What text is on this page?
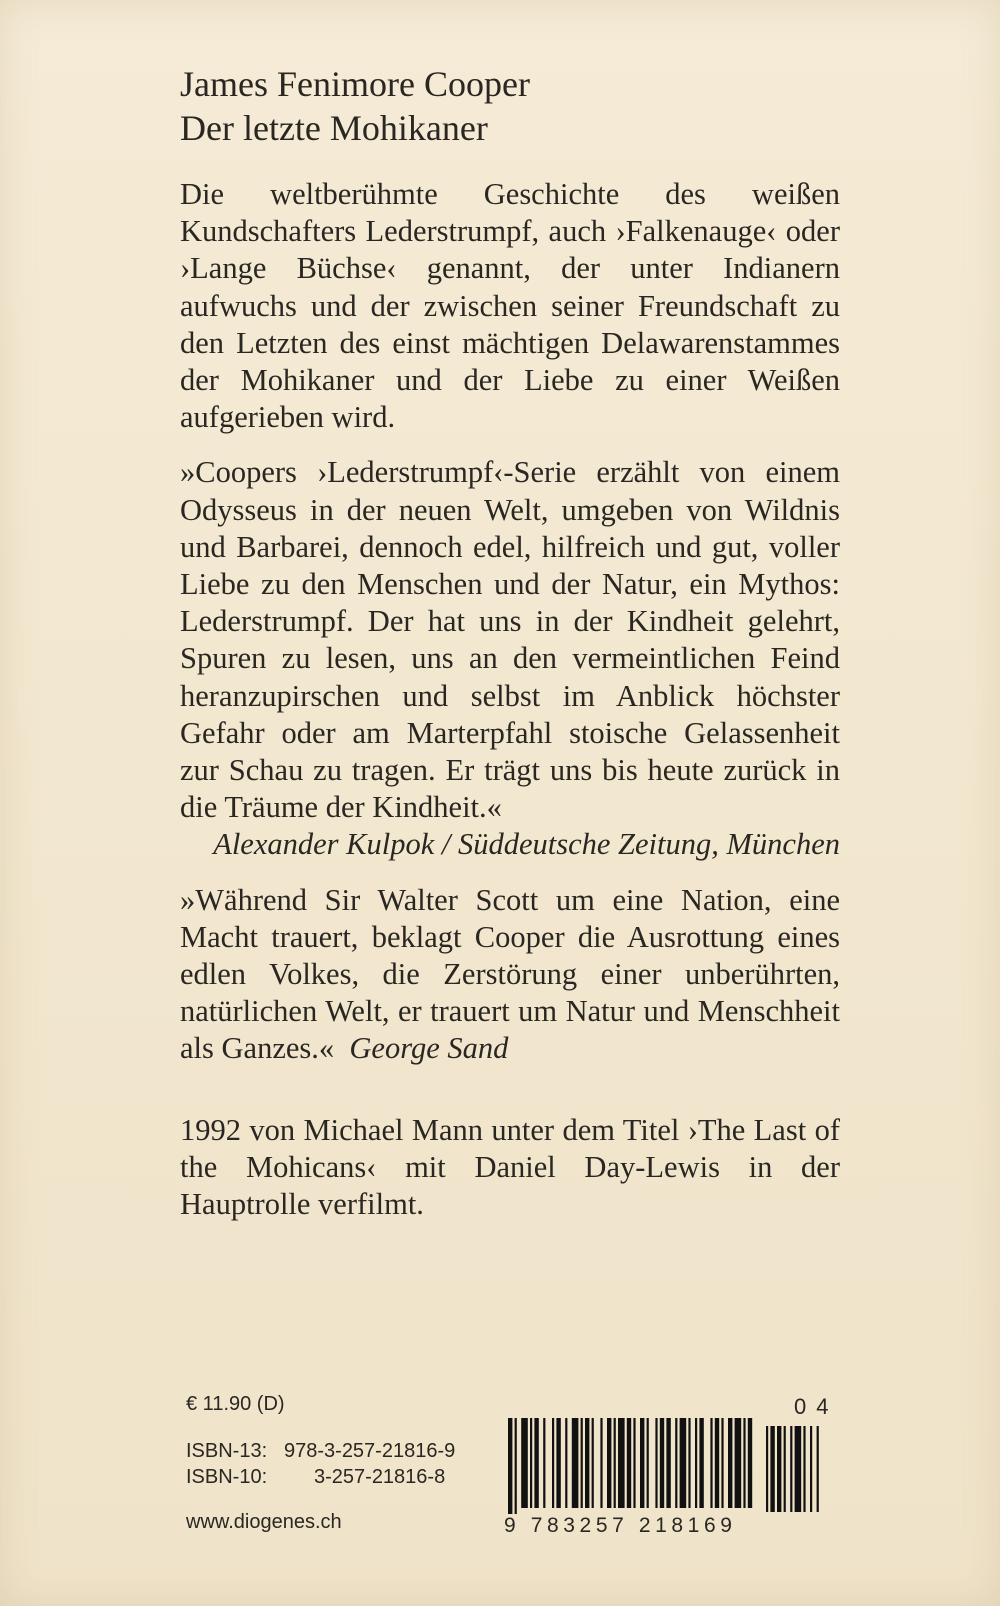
James Fenimore Cooper
Der letzte Mohikaner

Die weltberühmte Geschichte des weißen Kundschafters Lederstrumpf, auch ›Falkenauge‹ oder ›Lange Büchse‹ genannt, der unter Indianern aufwuchs und der zwischen seiner Freundschaft zu den Letzten des einst mächtigen Delawarenstammes der Mohikaner und der Liebe zu einer Weißen aufgerieben wird.

»Coopers ›Lederstrumpf‹-Serie erzählt von einem Odysseus in der neuen Welt, umgeben von Wildnis und Barbarei, dennoch edel, hilfreich und gut, voller Liebe zu den Menschen und der Natur, ein Mythos: Lederstrumpf. Der hat uns in der Kindheit gelehrt, Spuren zu lesen, uns an den vermeintlichen Feind heranzupirschen und selbst im Anblick höchster Gefahr oder am Marterpfahl stoische Gelassenheit zur Schau zu tragen. Er trägt uns bis heute zurück in die Träume der Kindheit.«

Alexander Kulpok / Süddeutsche Zeitung, München

»Während Sir Walter Scott um eine Nation, eine Macht trauert, beklagt Cooper die Ausrottung eines edlen Volkes, die Zerstörung einer unberührten, natürlichen Welt, er trauert um Natur und Menschheit als Ganzes.« George Sand

1992 von Michael Mann unter dem Titel ›The Last of the Mohicans‹ mit Daniel Day-Lewis in der Hauptrolle verfilmt.

€ 11.90 (D)
ISBN-13: 978-3-257-21816-9
ISBN-10: 3-257-21816-8
www.diogenes.ch
04
9 783257 218169
